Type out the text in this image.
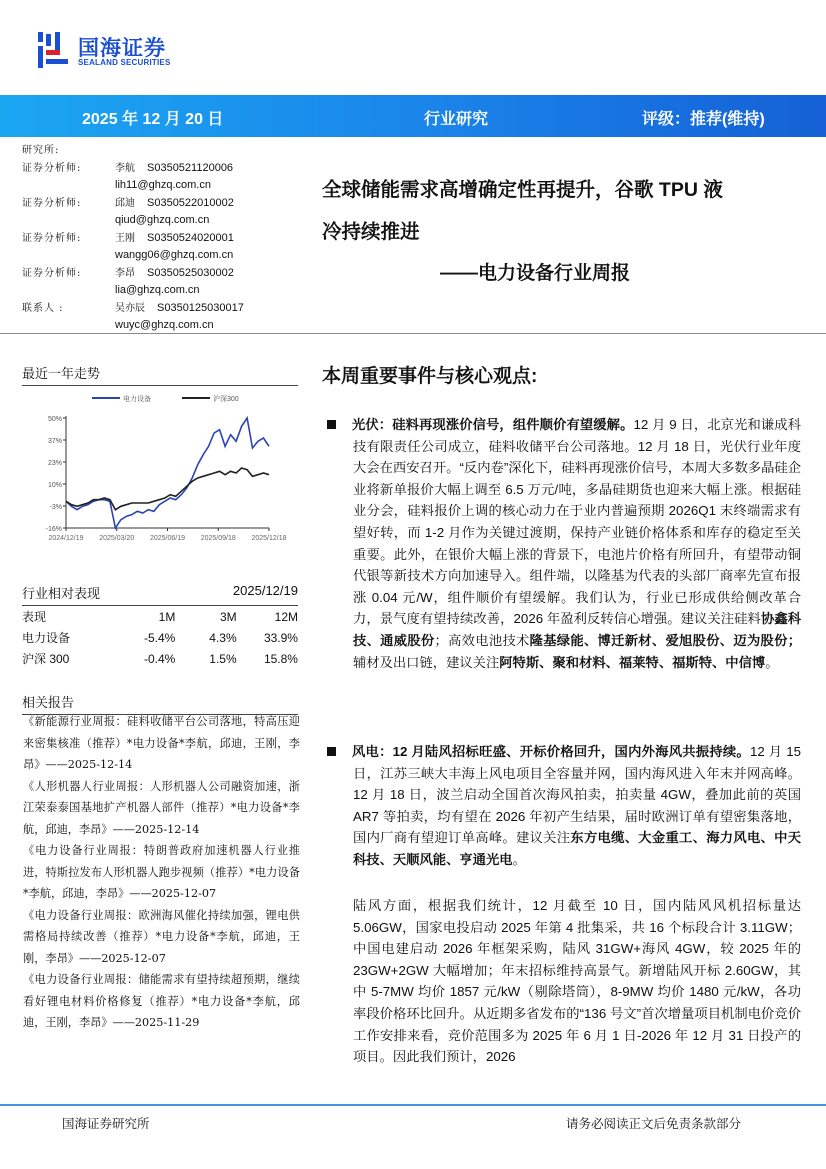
国海证券
SEALAND SECURITIES
2025 年 12 月 20 日	行业研究	评级：推荐(维持)
研究所:
证券分析师:	李航 S0350521120006
lih11@ghzq.com.cn
证券分析师:	邱迪 S0350522010002
qiud@ghzq.com.cn
证券分析师:	王刚 S0350524020001
wangg06@ghzq.com.cn
证券分析师:	李昂 S0350525030002
lia@ghzq.com.cn
联系人 :	吴亦辰 S0350125030017
wuyc@ghzq.com.cn
全球储能需求高增确定性再提升，谷歌 TPU 液
冷持续推进
——电力设备行业周报
最近一年走势
50%
37%
23%
10%
-3%
-16%
2024/12/19 2025/03/20 2025/06/19 2025/09/18 2025/12/18
电力设备	沪深300
行业相对表现	2025/12/19
表现	1M	3M	12M
电力设备	-5.4%	4.3%	33.9%
沪深 300	-0.4%	1.5%	15.8%
相关报告
《新能源行业周报：硅料收储平台公司落地，特高压迎来密集核准（推荐）*电力设备*李航，邱迪，王刚，李昂》——2025-12-14
《人形机器人行业周报：人形机器人公司融资加速，浙江荣泰泰国基地扩产机器人部件（推荐）*电力设备*李航，邱迪，李昂》——2025-12-14
《电力设备行业周报：特朗普政府加速机器人行业推进，特斯拉发布人形机器人跑步视频（推荐）*电力设备*李航，邱迪，李昂》——2025-12-07
《电力设备行业周报：欧洲海风催化持续加强，锂电供需格局持续改善（推荐）*电力设备*李航，邱迪，王刚，李昂》——2025-12-07
《电力设备行业周报：储能需求有望持续超预期，继续看好锂电材料价格修复（推荐）*电力设备*李航，邱迪，王刚，李昂》——2025-11-29
本周重要事件与核心观点:
光伏：硅料再现涨价信号，组件顺价有望缓解。12 月 9 日，北京光和谦成科技有限责任公司成立，硅料收储平台公司落地。12 月 18 日，光伏行业年度大会在西安召开。“反内卷”深化下，硅料再现涨价信号，本周大多数多晶硅企业将新单报价大幅上调至 6.5 万元/吨，多晶硅期货也迎来大幅上涨。根据硅业分会，硅料报价上调的核心动力在于业内普遍预期 2026Q1 末终端需求有望好转，而 1-2 月作为关键过渡期，保持产业链价格体系和库存的稳定至关重要。此外，在银价大幅上涨的背景下，电池片价格有所回升，有望带动铜代银等新技术方向加速导入。组件端，以隆基为代表的头部厂商率先宣布报涨 0.04 元/W，组件顺价有望缓解。我们认为，行业已形成供给侧改革合力，景气度有望持续改善，2026 年盈利反转信心增强。建议关注硅料协鑫科技、通威股份；高效电池技术隆基绿能、博迁新材、爱旭股份、迈为股份；辅材及出口链，建议关注阿特斯、聚和材料、福莱特、福斯特、中信博。
风电：12 月陆风招标旺盛、开标价格回升，国内外海风共振持续。12 月 15 日，江苏三峡大丰海上风电项目全容量并网，国内海风进入年末并网高峰。12 月 18 日，波兰启动全国首次海风拍卖，拍卖量 4GW，叠加此前的英国 AR7 等拍卖，均有望在 2026 年初产生结果，届时欧洲订单有望密集落地，国内厂商有望迎订单高峰。建议关注东方电缆、大金重工、海力风电、中天科技、天顺风能、亨通光电。
陆风方面，根据我们统计，12 月截至 10 日，国内陆风风机招标量达 5.06GW，国家电投启动 2025 年第 4 批集采，共 16 个标段合计 3.11GW；中国电建启动 2026 年框架采购，陆风 31GW+海风 4GW，较 2025 年的 23GW+2GW 大幅增加；年末招标维持高景气。新增陆风开标 2.60GW，其中 5-7MW 均价 1857 元/kW（剔除塔筒），8-9MW 均价 1480 元/kW，各功率段价格环比回升。从近期多省发布的“136 号文”首次增量项目机制电价竞价工作安排来看，竞价范围多为 2025 年 6 月 1 日-2026 年 12 月 31 日投产的项目。因此我们预计，2026
国海证券研究所	请务必阅读正文后免责条款部分
